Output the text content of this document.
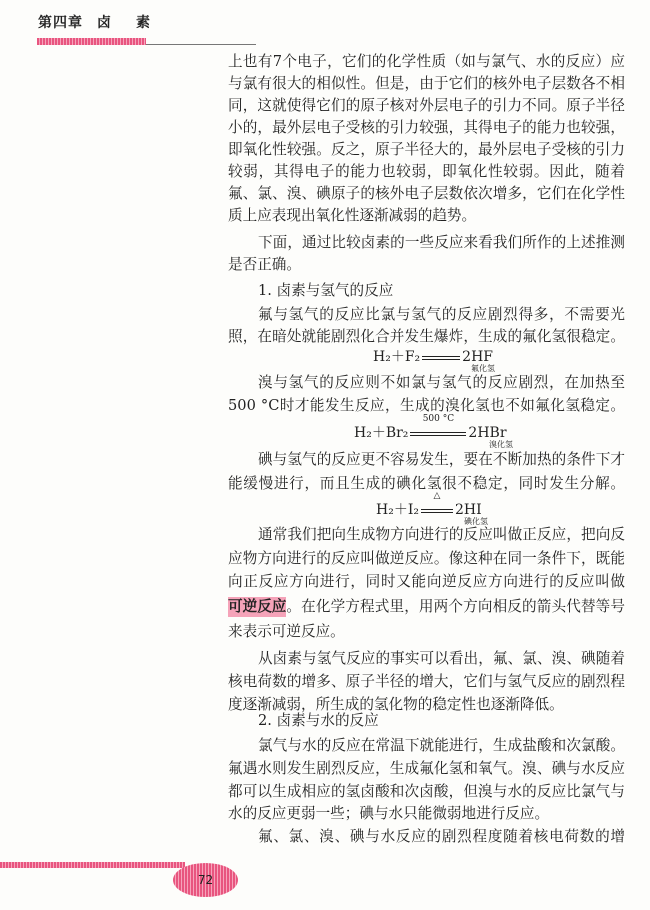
第四章 卤 素
上也有7个电子，它们的化学性质（如与氯气、水的反应）应
与氯有很大的相似性。但是，由于它们的核外电子层数各不相
同，这就使得它们的原子核对外层电子的引力不同。原子半径
小的，最外层电子受核的引力较强，其得电子的能力也较强，
即氧化性较强。反之，原子半径大的，最外层电子受核的引力
较弱，其得电子的能力也较弱，即氧化性较弱。因此，随着
氟、氯、溴、碘原子的核外电子层数依次增多，它们在化学性
质上应表现出氧化性逐渐减弱的趋势。
下面，通过比较卤素的一些反应来看我们所作的上述推测
是否正确。
1. 卤素与氢气的反应
氟与氢气的反应比氯与氢气的反应剧烈得多，不需要光
照，在暗处就能剧烈化合并发生爆炸，生成的氟化氢很稳定。
H₂＋F₂	2HF
氟化氢
溴与氢气的反应则不如氯与氢气的反应剧烈，在加热至
500 °C时才能发生反应，生成的溴化氢也不如氟化氢稳定。
H₂＋Br₂
500 °C
2HBr
溴化氢
碘与氢气的反应更不容易发生，要在不断加热的条件下才
能缓慢进行，而且生成的碘化氢很不稳定，同时发生分解。
H₂＋I₂
△
2HI
碘化氢
通常我们把向生成物方向进行的反应叫做正反应，把向反
应物方向进行的反应叫做逆反应。像这种在同一条件下，既能
向正反应方向进行，同时又能向逆反应方向进行的反应叫做
可逆反应 。在化学方程式里，用两个方向相反的箭头代替等号
来表示可逆反应。
从卤素与氢气反应的事实可以看出，氟、氯、溴、碘随着
核电荷数的增多、原子半径的增大，它们与氢气反应的剧烈程
度逐渐减弱，所生成的氢化物的稳定性也逐渐降低。
2. 卤素与水的反应
氯气与水的反应在常温下就能进行，生成盐酸和次氯酸。
氟遇水则发生剧烈反应，生成氟化氢和氧气。溴、碘与水反应
都可以生成相应的氢卤酸和次卤酸，但溴与水的反应比氯气与
水的反应更弱一些；碘与水只能微弱地进行反应。
氟、氯、溴、碘与水反应的剧烈程度随着核电荷数的增
72
